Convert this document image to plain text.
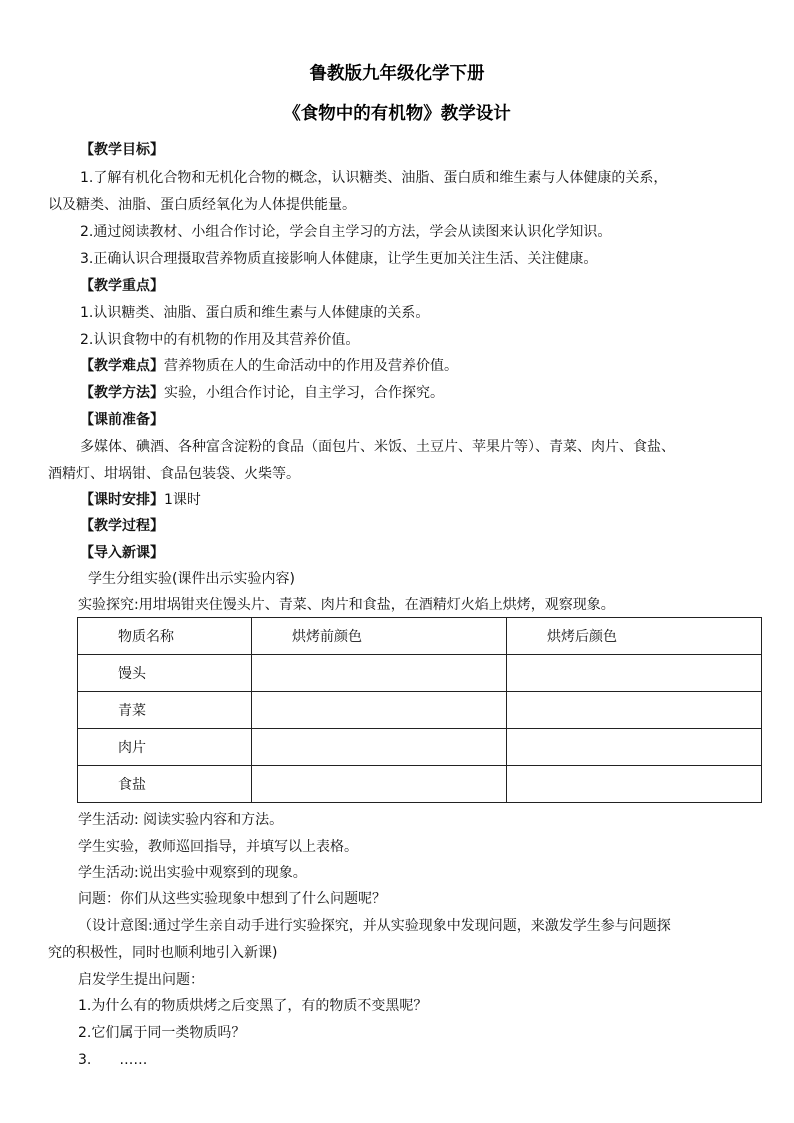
鲁教版九年级化学下册
《食物中的有机物》教学设计
【教学目标】
1.了解有机化合物和无机化合物的概念，认识糖类、油脂、蛋白质和维生素与人体健康的关系，
以及糖类、油脂、蛋白质经氧化为人体提供能量。
2.通过阅读教材、小组合作讨论，学会自主学习的方法，学会从读图来认识化学知识。
3.正确认识合理摄取营养物质直接影响人体健康，让学生更加关注生活、关注健康。
【教学重点】
1.认识糖类、油脂、蛋白质和维生素与人体健康的关系。
2.认识食物中的有机物的作用及其营养价值。
【教学难点】营养物质在人的生命活动中的作用及营养价值。
【教学方法】实验，小组合作讨论，自主学习，合作探究。
【课前准备】
多媒体、碘酒、各种富含淀粉的食品（面包片、米饭、土豆片、苹果片等）、青菜、肉片、食盐、
酒精灯、坩埚钳、食品包装袋、火柴等。
【课时安排】1课时
【教学过程】
【导入新课】
学生分组实验(课件出示实验内容)
实验探究:用坩埚钳夹住馒头片、青菜、肉片和食盐，在酒精灯火焰上烘烤，观察现象。
物质名称	烘烤前颜色	烘烤后颜色
馒头		
青菜		
肉片		
食盐		
学生活动: 阅读实验内容和方法。
学生实验，教师巡回指导，并填写以上表格。
学生活动:说出实验中观察到的现象。
问题：你们从这些实验现象中想到了什么问题呢？
（设计意图:通过学生亲自动手进行实验探究，并从实验现象中发现问题，来激发学生参与问题探
究的积极性，同时也顺利地引入新课)
启发学生提出问题：
1.为什么有的物质烘烤之后变黑了，有的物质不变黑呢？
2.它们属于同一类物质吗？
3. ……
